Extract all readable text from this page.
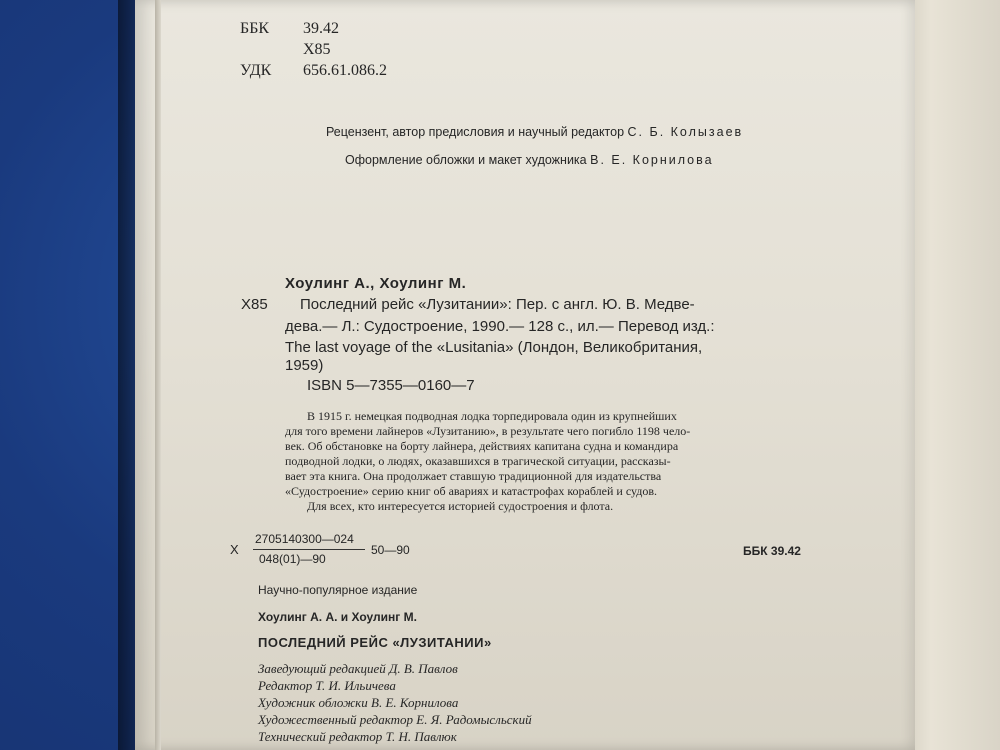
ББК 39.42
Х85
УДК 656.61.086.2
Рецензент, автор предисловия и научный редактор С. Б. Колызаев
Оформление обложки и макет художника В. Е. Корнилова
Хоулинг А., Хоулинг М.
Х85 Последний рейс «Лузитании»: Пер. с англ. Ю. В. Медве-
дева.— Л.: Судостроение, 1990.— 128 с., ил.— Перевод изд.:
The last voyage of the «Lusitania» (Лондон, Великобритания,
1959)
ISBN 5—7355—0160—7
В 1915 г. немецкая подводная лодка торпедировала один из крупнейших
для того времени лайнеров «Лузитанию», в результате чего погибло 1198 чело-
век. Об обстановке на борту лайнера, действиях капитана судна и командира
подводной лодки, о людях, оказавшихся в трагической ситуации, рассказы-
вает эта книга. Она продолжает ставшую традиционной для издательства
«Судостроение» серию книг об авариях и катастрофах кораблей и судов.
Для всех, кто интересуется историей судостроения и флота.
Х
2705140300—024
048(01)—90
50—90	ББК 39.42
Научно-популярное издание
Хоулинг А. А. и Хоулинг М.
ПОСЛЕДНИЙ РЕЙС «ЛУЗИТАНИИ»
Заведующий редакцией Д. В. Павлов
Редактор Т. И. Ильичева
Художник обложки В. Е. Корнилова
Художественный редактор Е. Я. Радомысльский
Технический редактор Т. Н. Павлюк
